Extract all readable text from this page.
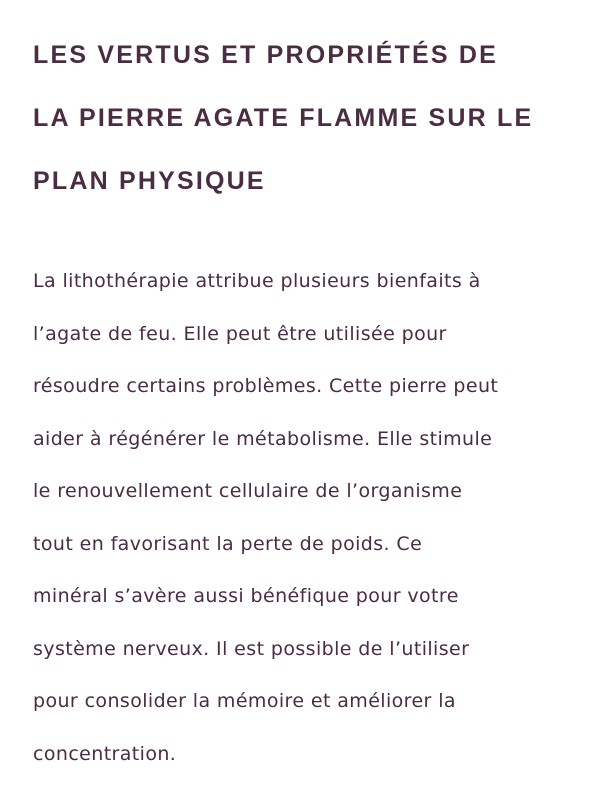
LES VERTUS ET PROPRIÉTÉS DE
LA PIERRE AGATE FLAMME SUR LE
PLAN PHYSIQUE

La lithothérapie attribue plusieurs bienfaits à
l’agate de feu. Elle peut être utilisée pour
résoudre certains problèmes. Cette pierre peut
aider à régénérer le métabolisme. Elle stimule
le renouvellement cellulaire de l’organisme
tout en favorisant la perte de poids. Ce
minéral s’avère aussi bénéfique pour votre
système nerveux. Il est possible de l’utiliser
pour consolider la mémoire et améliorer la
concentration.
